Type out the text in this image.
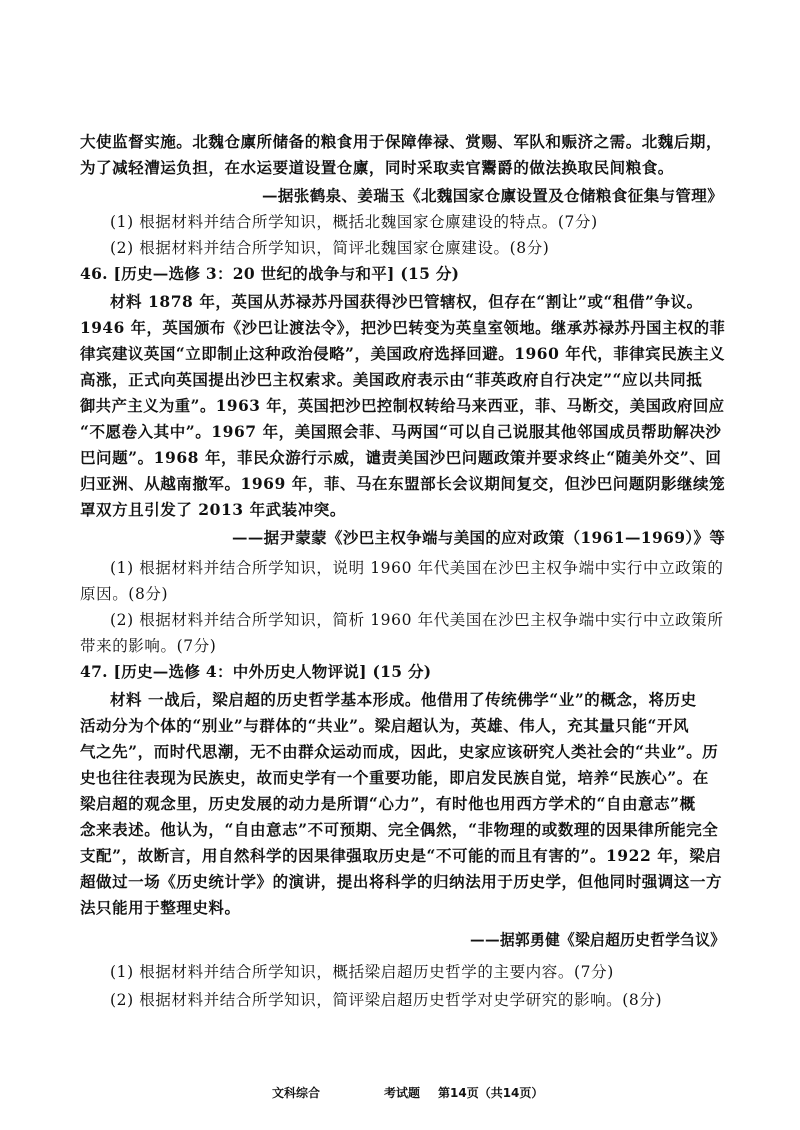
大使监督实施。北魏仓廪所储备的粮食用于保障俸禄、赏赐、军队和赈济之需。北魏后期，
为了减轻漕运负担，在水运要道设置仓廪，同时采取卖官鬻爵的做法换取民间粮食。
—据张鹤泉、姜瑞玉《北魏国家仓廪设置及仓储粮食征集与管理》
(1) 根据材料并结合所学知识，概括北魏国家仓廪建设的特点。(7分)
(2) 根据材料并结合所学知识，简评北魏国家仓廪建设。(8分)
46. [历史—选修 3：20 世纪的战争与和平] (15 分)
材料 1878 年，英国从苏禄苏丹国获得沙巴管辖权，但存在“割让”或“租借”争议。
1946 年，英国颁布《沙巴让渡法令》，把沙巴转变为英皇室领地。继承苏禄苏丹国主权的菲
律宾建议英国“立即制止这种政治侵略”，美国政府选择回避。1960 年代，菲律宾民族主义
高涨，正式向英国提出沙巴主权索求。美国政府表示由“菲英政府自行决定”“应以共同抵
御共产主义为重”。1963 年，英国把沙巴控制权转给马来西亚，菲、马断交，美国政府回应
“不愿卷入其中”。1967 年，美国照会菲、马两国“可以自己说服其他邻国成员帮助解决沙
巴问题”。1968 年，菲民众游行示威，谴责美国沙巴问题政策并要求终止“随美外交”、回
归亚洲、从越南撤军。1969 年，菲、马在东盟部长会议期间复交，但沙巴问题阴影继续笼
罩双方且引发了 2013 年武装冲突。
——据尹蒙蒙《沙巴主权争端与美国的应对政策（1961—1969）》等
(1) 根据材料并结合所学知识，说明 1960 年代美国在沙巴主权争端中实行中立政策的
原因。(8分)
(2) 根据材料并结合所学知识，简析 1960 年代美国在沙巴主权争端中实行中立政策所
带来的影响。(7分)
47. [历史—选修 4：中外历史人物评说] (15 分)
材料 一战后，梁启超的历史哲学基本形成。他借用了传统佛学“业”的概念，将历史
活动分为个体的“别业”与群体的“共业”。梁启超认为，英雄、伟人，充其量只能“开风
气之先”，而时代思潮，无不由群众运动而成，因此，史家应该研究人类社会的“共业”。历
史也往往表现为民族史，故而史学有一个重要功能，即启发民族自觉，培养“民族心”。在
梁启超的观念里，历史发展的动力是所谓“心力”，有时他也用西方学术的“自由意志”概
念来表述。他认为，“自由意志”不可预期、完全偶然，“非物理的或数理的因果律所能完全
支配”，故断言，用自然科学的因果律强取历史是“不可能的而且有害的”。1922 年，梁启
超做过一场《历史统计学》的演讲，提出将科学的归纳法用于历史学，但他同时强调这一方
法只能用于整理史料。
——据郭勇健《梁启超历史哲学刍议》
(1) 根据材料并结合所学知识，概括梁启超历史哲学的主要内容。(7分)
(2) 根据材料并结合所学知识，简评梁启超历史哲学对史学研究的影响。(8分)
文科综合	考试题 第14页（共14页）
